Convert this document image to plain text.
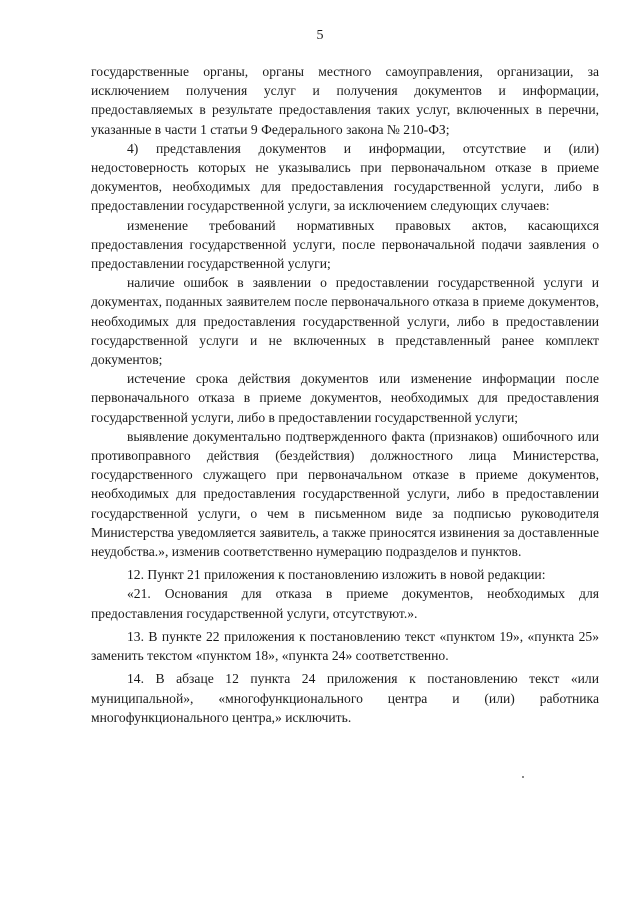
5

государственные органы, органы местного самоуправления, организации, за исключением получения услуг и получения документов и информации, предоставляемых в результате предоставления таких услуг, включенных в перечни, указанные в части 1 статьи 9 Федерального закона № 210-ФЗ;

4) представления документов и информации, отсутствие и (или) недостоверность которых не указывались при первоначальном отказе в приеме документов, необходимых для предоставления государственной услуги, либо в предоставлении государственной услуги, за исключением следующих случаев:

изменение требований нормативных правовых актов, касающихся предоставления государственной услуги, после первоначальной подачи заявления о предоставлении государственной услуги;

наличие ошибок в заявлении о предоставлении государственной услуги и документах, поданных заявителем после первоначального отказа в приеме документов, необходимых для предоставления государственной услуги, либо в предоставлении государственной услуги и не включенных в представленный ранее комплект документов;

истечение срока действия документов или изменение информации после первоначального отказа в приеме документов, необходимых для предоставления государственной услуги, либо в предоставлении государственной услуги;

выявление документально подтвержденного факта (признаков) ошибочного или противоправного действия (бездействия) должностного лица Министерства, государственного служащего при первоначальном отказе в приеме документов, необходимых для предоставления государственной услуги, либо в предоставлении государственной услуги, о чем в письменном виде за подписью руководителя Министерства уведомляется заявитель, а также приносятся извинения за доставленные неудобства.», изменив соответственно нумерацию подразделов и пунктов.

12. Пункт 21 приложения к постановлению изложить в новой редакции:

«21. Основания для отказа в приеме документов, необходимых для предоставления государственной услуги, отсутствуют.».

13. В пункте 22 приложения к постановлению текст «пунктом 19», «пункта 25» заменить текстом «пунктом 18», «пункта 24» соответственно.

14. В абзаце 12 пункта 24 приложения к постановлению текст «или муниципальной», «многофункционального центра и (или) работника многофункционального центра,» исключить.
